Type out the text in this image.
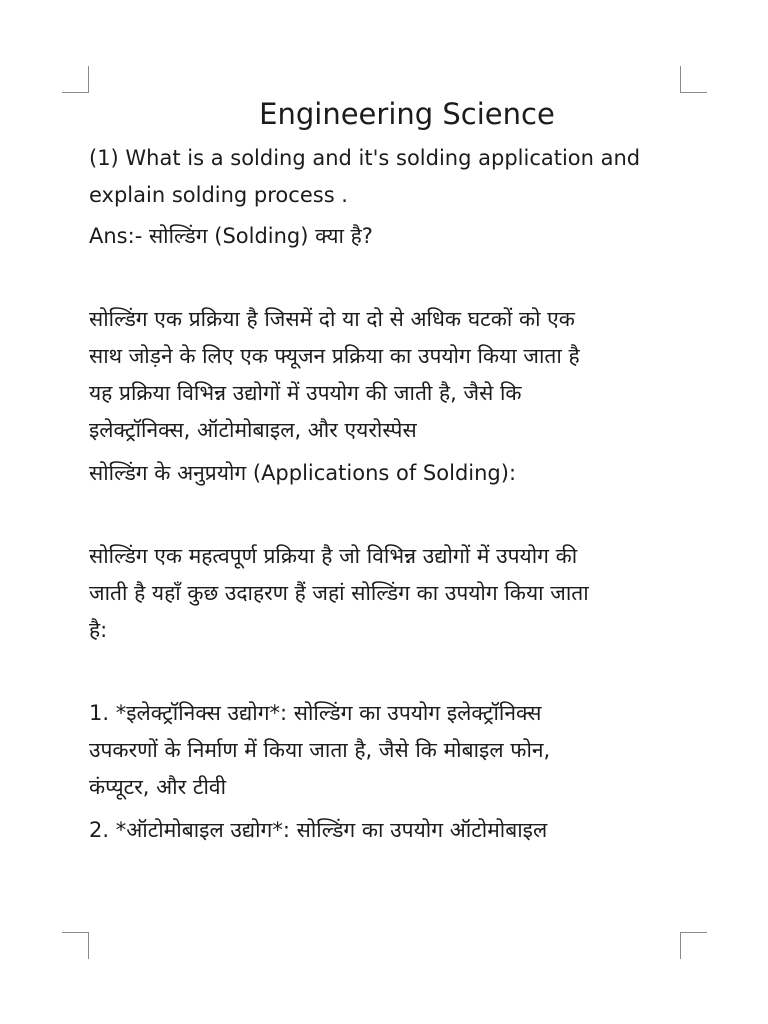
Engineering Science

(1) What is a solding and it's solding application and
explain solding process .

Ans:- सोल्डिंग (Solding) क्या है?

सोल्डिंग एक प्रक्रिया है जिसमें दो या दो से अधिक घटकों को एक
साथ जोड़ने के लिए एक फ्यूजन प्रक्रिया का उपयोग किया जाता है
यह प्रक्रिया विभिन्न उद्योगों में उपयोग की जाती है, जैसे कि
इलेक्ट्रॉनिक्स, ऑटोमोबाइल, और एयरोस्पेस

सोल्डिंग के अनुप्रयोग (Applications of Solding):

सोल्डिंग एक महत्वपूर्ण प्रक्रिया है जो विभिन्न उद्योगों में उपयोग की
जाती है यहाँ कुछ उदाहरण हैं जहां सोल्डिंग का उपयोग किया जाता
है:

1. *इलेक्ट्रॉनिक्स उद्योग*: सोल्डिंग का उपयोग इलेक्ट्रॉनिक्स
उपकरणों के निर्माण में किया जाता है, जैसे कि मोबाइल फोन,
कंप्यूटर, और टीवी

2. *ऑटोमोबाइल उद्योग*: सोल्डिंग का उपयोग ऑटोमोबाइल
